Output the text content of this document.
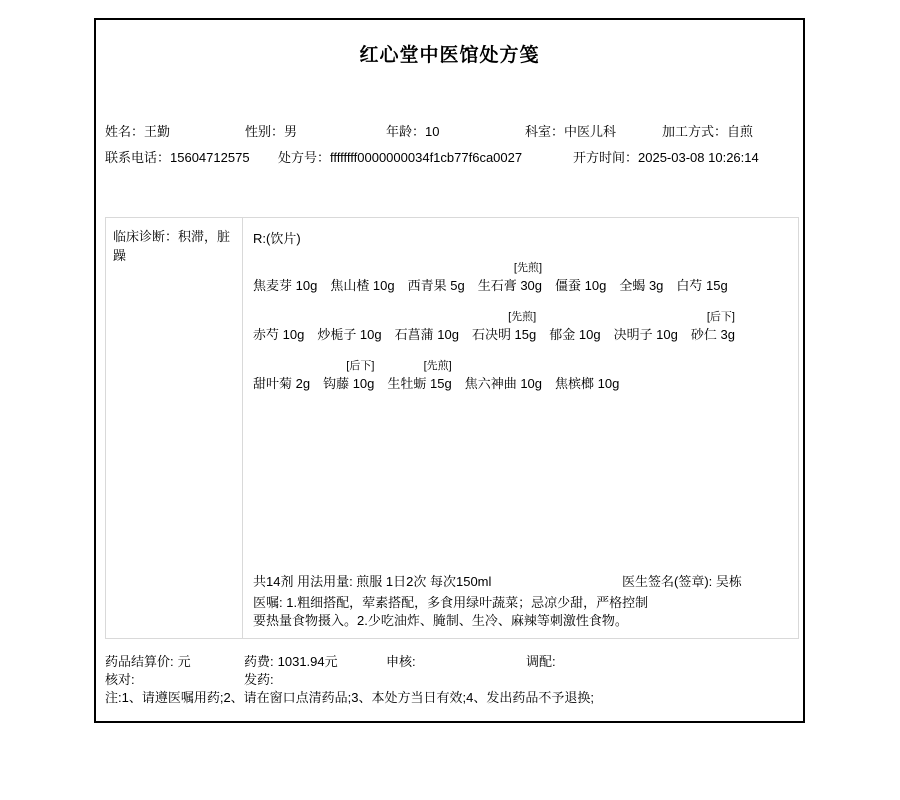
红心堂中医馆处方笺
姓名：王勤	性别：男	年龄：10	科室：中医儿科	加工方式：自煎
联系电话：15604712575 处方号：ffffffff0000000034f1cb77f6ca0027	开方时间：2025-03-08 10:26:14
临床诊断：积滞，脏躁
R:(饮片)

焦麦芽 10g
焦山楂 10g
西青果 5g
[先煎]
生石膏 30g
僵蚕 10g
全蝎 3g
白芍 15g

赤芍 10g
炒栀子 10g
石菖蒲 10g
[先煎]
石决明 15g
郁金 10g
决明子 10g
[后下]
砂仁 3g

甜叶菊 2g
[后下]
钩藤 10g
[先煎]
生牡蛎 15g
焦六神曲 10g
焦槟榔 10g
共14剂 用法用量: 煎服 1日2次 每次150ml	医生签名(签章): 吴栋
医嘱: 1.粗细搭配，荤素搭配，多食用绿叶蔬菜；忌凉少甜，严格控制要热量食物摄入。2.少吃油炸、腌制、生冷、麻辣等刺激性食物。
药品结算价: 元	药费: 1031.94元	申核:	调配:
核对:	发药:
注:1、请遵医嘱用药;2、请在窗口点清药品;3、本处方当日有效;4、发出药品不予退换;
